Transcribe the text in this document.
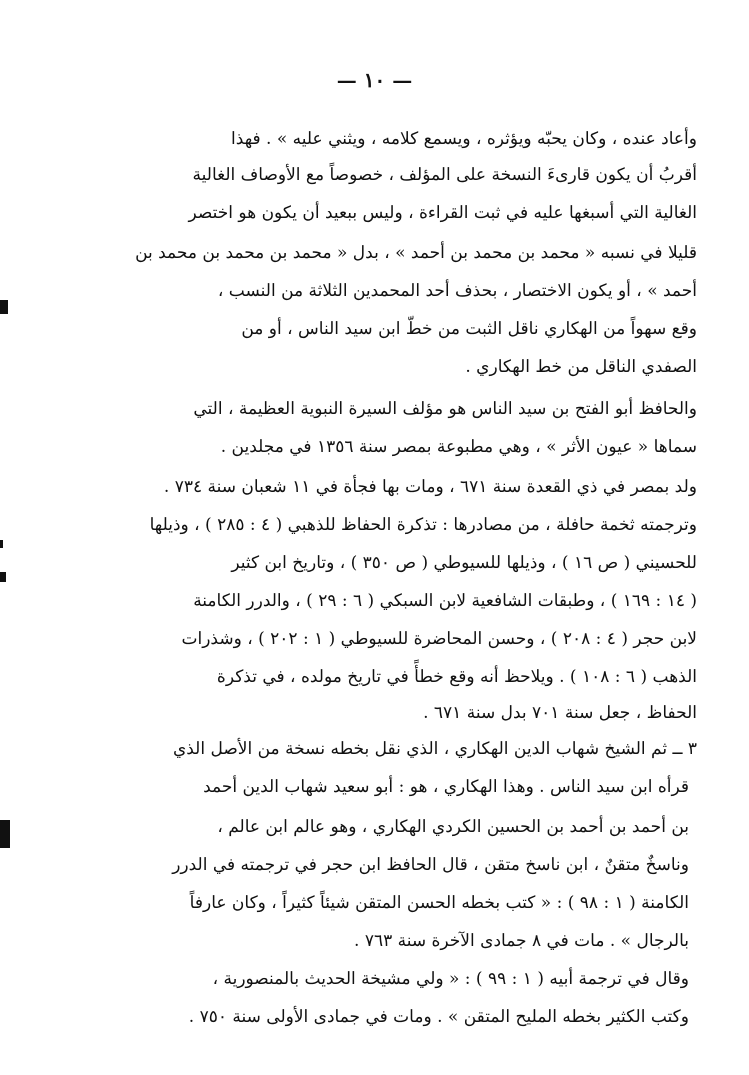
— ١٠ —
وأعاد عنده ، وكان يحبّه ويؤثره ، ويسمع كلامه ، ويثني عليه » . فهذا
أقربُ أن يكون قارىءَ النسخة على المؤلف ، خصوصاً مع الأوصاف الغالية
الغالية التي أسبغها عليه في ثبت القراءة ، وليس ببعيد أن يكون هو اختصر
قليلا في نسبه « محمد بن محمد بن أحمد » ، بدل « محمد بن محمد بن محمد بن
أحمد » ، أو يكون الاختصار ، بحذف أحد المحمدين الثلاثة من النسب ،
وقع سهواً من الهكاري ناقل الثبت من خطّ ابن سيد الناس ، أو من
الصفدي الناقل من خط الهكاري .
والحافظ أبو الفتح بن سيد الناس هو مؤلف السيرة النبوية العظيمة ، التي
سماها « عيون الأثر » ، وهي مطبوعة بمصر سنة ١٣٥٦ في مجلدين .
ولد بمصر في ذي القعدة سنة ٦٧١ ، ومات بها فجأة في ١١ شعبان سنة ٧٣٤ .
وترجمته ثخمة حافلة ، من مصادرها : تذكرة الحفاظ للذهبي ( ٤ : ٢٨٥ ) ، وذيلها
للحسيني ( ص ١٦ ) ، وذيلها للسيوطي ( ص ٣٥٠ ) ، وتاريخ ابن كثير
( ١٤ : ١٦٩ ) ، وطبقات الشافعية لابن السبكي ( ٦ : ٢٩ ) ، والدرر الكامنة
لابن حجر ( ٤ : ٢٠٨ ) ، وحسن المحاضرة للسيوطي ( ١ : ٢٠٢ ) ، وشذرات
الذهب ( ٦ : ١٠٨ ) . ويلاحظ أنه وقع خطأً في تاريخ مولده ، في تذكرة
الحفاظ ، جعل سنة ٧٠١ بدل سنة ٦٧١ .
٣ ــ ثم الشيخ شهاب الدين الهكاري ، الذي نقل بخطه نسخة من الأصل الذي
قرأه ابن سيد الناس . وهذا الهكاري ، هو : أبو سعيد شهاب الدين أحمد
بن أحمد بن أحمد بن الحسين الكردي الهكاري ، وهو عالم ابن عالم ،
وناسخٌ متقنٌ ، ابن ناسخ متقن ، قال الحافظ ابن حجر في ترجمته في الدرر
الكامنة ( ١ : ٩٨ ) : « كتب بخطه الحسن المتقن شيئاً كثيراً ، وكان عارفاً
بالرجال » . مات في ٨ جمادى الآخرة سنة ٧٦٣ .
وقال في ترجمة أبيه ( ١ : ٩٩ ) : « ولي مشيخة الحديث بالمنصورية ،
وكتب الكثير بخطه المليح المتقن » . ومات في جمادى الأولى سنة ٧٥٠ .
